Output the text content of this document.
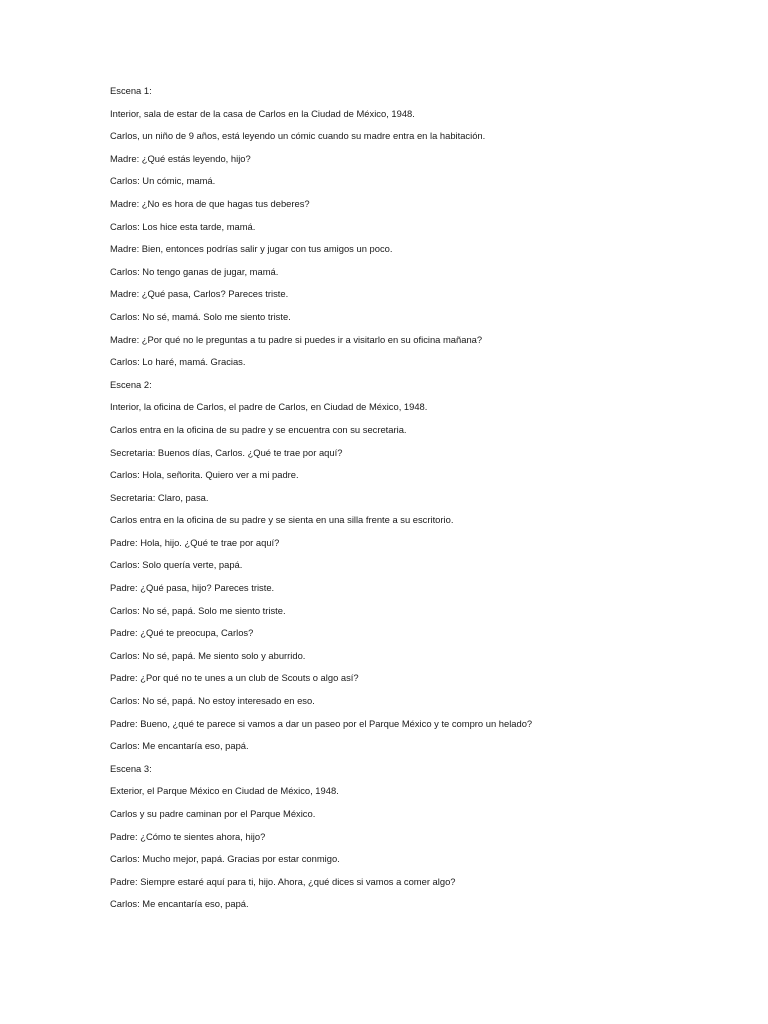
Escena 1:
Interior, sala de estar de la casa de Carlos en la Ciudad de México, 1948.
Carlos, un niño de 9 años, está leyendo un cómic cuando su madre entra en la habitación.
Madre: ¿Qué estás leyendo, hijo?
Carlos: Un cómic, mamá.
Madre: ¿No es hora de que hagas tus deberes?
Carlos: Los hice esta tarde, mamá.
Madre: Bien, entonces podrías salir y jugar con tus amigos un poco.
Carlos: No tengo ganas de jugar, mamá.
Madre: ¿Qué pasa, Carlos? Pareces triste.
Carlos: No sé, mamá. Solo me siento triste.
Madre: ¿Por qué no le preguntas a tu padre si puedes ir a visitarlo en su oficina mañana?
Carlos: Lo haré, mamá. Gracias.
Escena 2:
Interior, la oficina de Carlos, el padre de Carlos, en Ciudad de México, 1948.
Carlos entra en la oficina de su padre y se encuentra con su secretaria.
Secretaria: Buenos días, Carlos. ¿Qué te trae por aquí?
Carlos: Hola, señorita. Quiero ver a mi padre.
Secretaria: Claro, pasa.
Carlos entra en la oficina de su padre y se sienta en una silla frente a su escritorio.
Padre: Hola, hijo. ¿Qué te trae por aquí?
Carlos: Solo quería verte, papá.
Padre: ¿Qué pasa, hijo? Pareces triste.
Carlos: No sé, papá. Solo me siento triste.
Padre: ¿Qué te preocupa, Carlos?
Carlos: No sé, papá. Me siento solo y aburrido.
Padre: ¿Por qué no te unes a un club de Scouts o algo así?
Carlos: No sé, papá. No estoy interesado en eso.
Padre: Bueno, ¿qué te parece si vamos a dar un paseo por el Parque México y te compro un helado?
Carlos: Me encantaría eso, papá.
Escena 3:
Exterior, el Parque México en Ciudad de México, 1948.
Carlos y su padre caminan por el Parque México.
Padre: ¿Cómo te sientes ahora, hijo?
Carlos: Mucho mejor, papá. Gracias por estar conmigo.
Padre: Siempre estaré aquí para ti, hijo. Ahora, ¿qué dices si vamos a comer algo?
Carlos: Me encantaría eso, papá.
